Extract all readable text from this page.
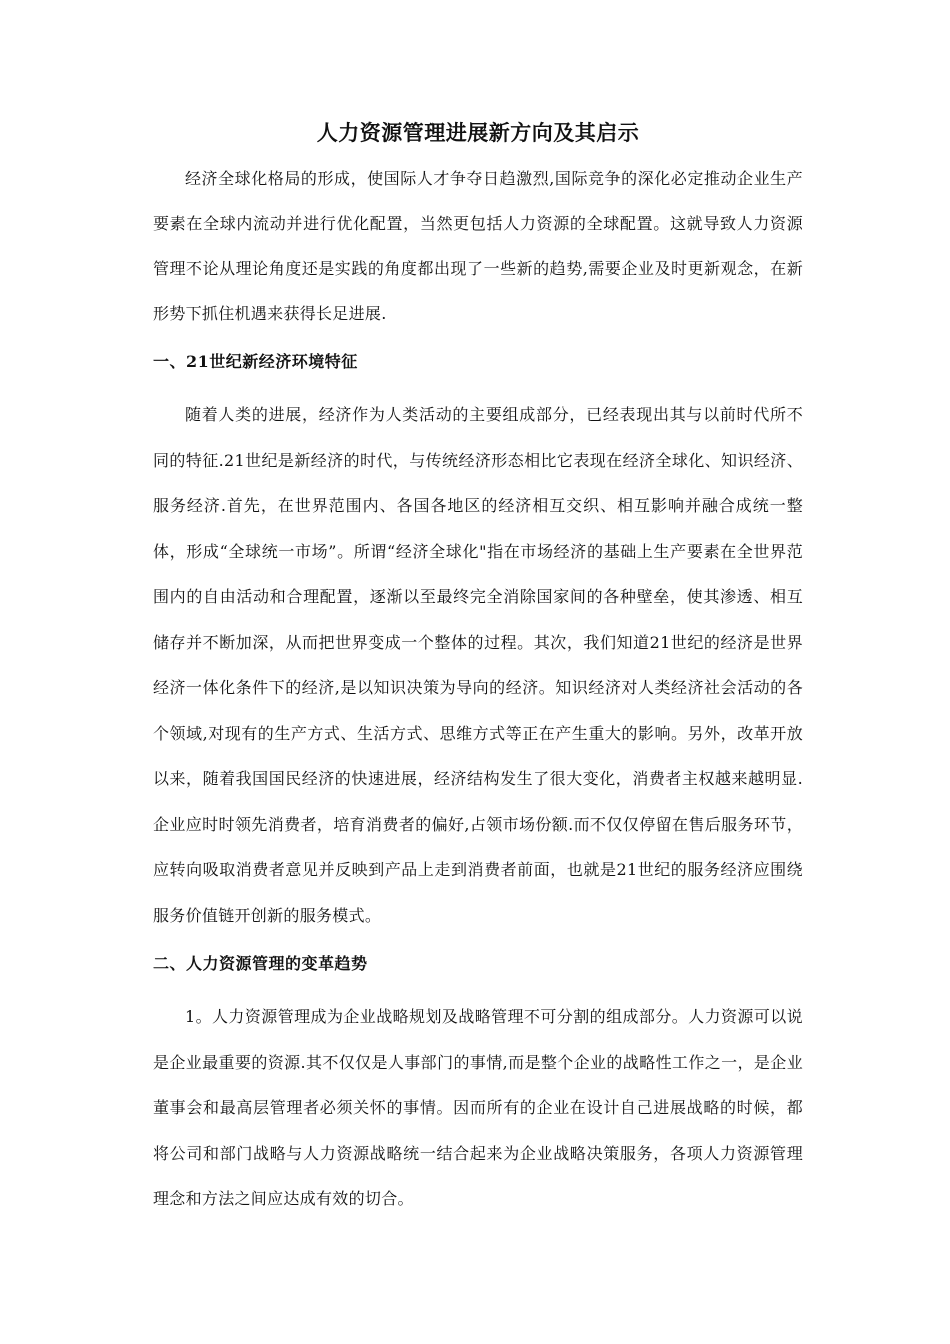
人力资源管理进展新方向及其启示

经济全球化格局的形成，使国际人才争夺日趋激烈,国际竞争的深化必定推动企业生产要素在全球内流动并进行优化配置，当然更包括人力资源的全球配置。这就导致人力资源管理不论从理论角度还是实践的角度都出现了一些新的趋势,需要企业及时更新观念，在新形势下抓住机遇来获得长足进展.

一、21世纪新经济环境特征

随着人类的进展，经济作为人类活动的主要组成部分，已经表现出其与以前时代所不同的特征.21世纪是新经济的时代，与传统经济形态相比它表现在经济全球化、知识经济、服务经济.首先，在世界范围内、各国各地区的经济相互交织、相互影响并融合成统一整体，形成“全球统一市场”。所谓“经济全球化"指在市场经济的基础上生产要素在全世界范围内的自由活动和合理配置，逐渐以至最终完全消除国家间的各种壁垒，使其渗透、相互储存并不断加深，从而把世界变成一个整体的过程。其次，我们知道21世纪的经济是世界经济一体化条件下的经济,是以知识决策为导向的经济。知识经济对人类经济社会活动的各个领域,对现有的生产方式、生活方式、思维方式等正在产生重大的影响。另外，改革开放以来，随着我国国民经济的快速进展，经济结构发生了很大变化，消费者主权越来越明显.企业应时时领先消费者，培育消费者的偏好,占领市场份额.而不仅仅停留在售后服务环节，应转向吸取消费者意见并反映到产品上走到消费者前面，也就是21世纪的服务经济应围绕服务价值链开创新的服务模式。

二、人力资源管理的变革趋势

1。人力资源管理成为企业战略规划及战略管理不可分割的组成部分。人力资源可以说是企业最重要的资源.其不仅仅是人事部门的事情,而是整个企业的战略性工作之一，是企业董事会和最高层管理者必须关怀的事情。因而所有的企业在设计自己进展战略的时候，都将公司和部门战略与人力资源战略统一结合起来为企业战略决策服务，各项人力资源管理理念和方法之间应达成有效的切合。
